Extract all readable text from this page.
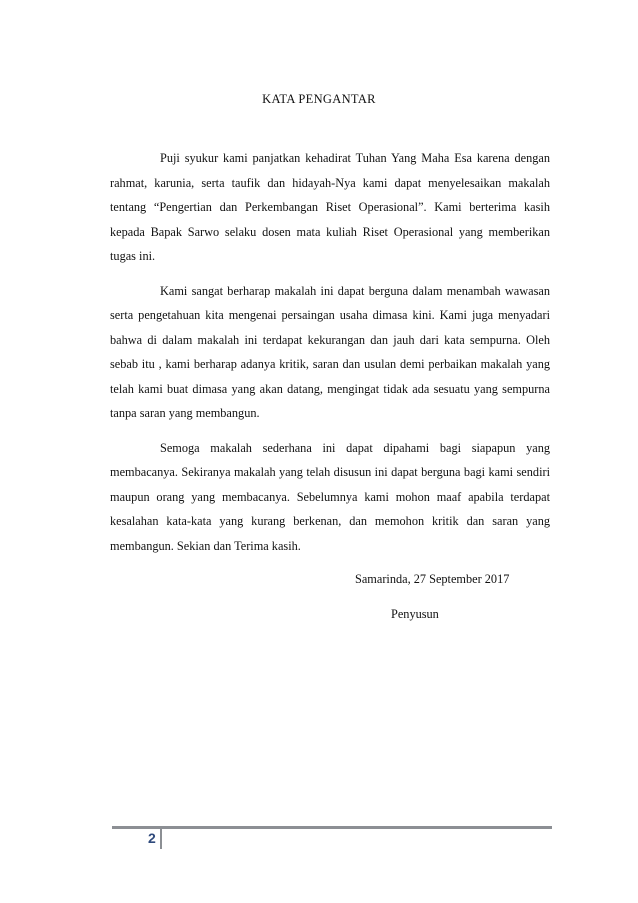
KATA PENGANTAR

Puji syukur kami panjatkan kehadirat Tuhan Yang Maha Esa karena dengan rahmat, karunia, serta taufik dan hidayah-Nya kami dapat menyelesaikan makalah tentang “Pengertian dan Perkembangan Riset Operasional”. Kami berterima kasih kepada Bapak Sarwo selaku dosen mata kuliah Riset Operasional yang memberikan tugas ini.

Kami sangat berharap makalah ini dapat berguna dalam menambah wawasan serta pengetahuan kita mengenai persaingan usaha dimasa kini. Kami juga menyadari bahwa di dalam makalah ini terdapat kekurangan dan jauh dari kata sempurna. Oleh sebab itu , kami berharap adanya kritik, saran dan usulan demi perbaikan makalah yang telah kami buat dimasa yang akan datang, mengingat tidak ada sesuatu yang sempurna tanpa saran yang membangun.

Semoga makalah sederhana ini dapat dipahami bagi siapapun yang membacanya. Sekiranya makalah yang telah disusun ini dapat berguna bagi kami sendiri maupun orang yang membacanya. Sebelumnya kami mohon maaf apabila terdapat kesalahan kata-kata yang kurang berkenan, dan memohon kritik dan saran yang membangun. Sekian dan Terima kasih.

Samarinda, 27 September 2017
Penyusun
2
